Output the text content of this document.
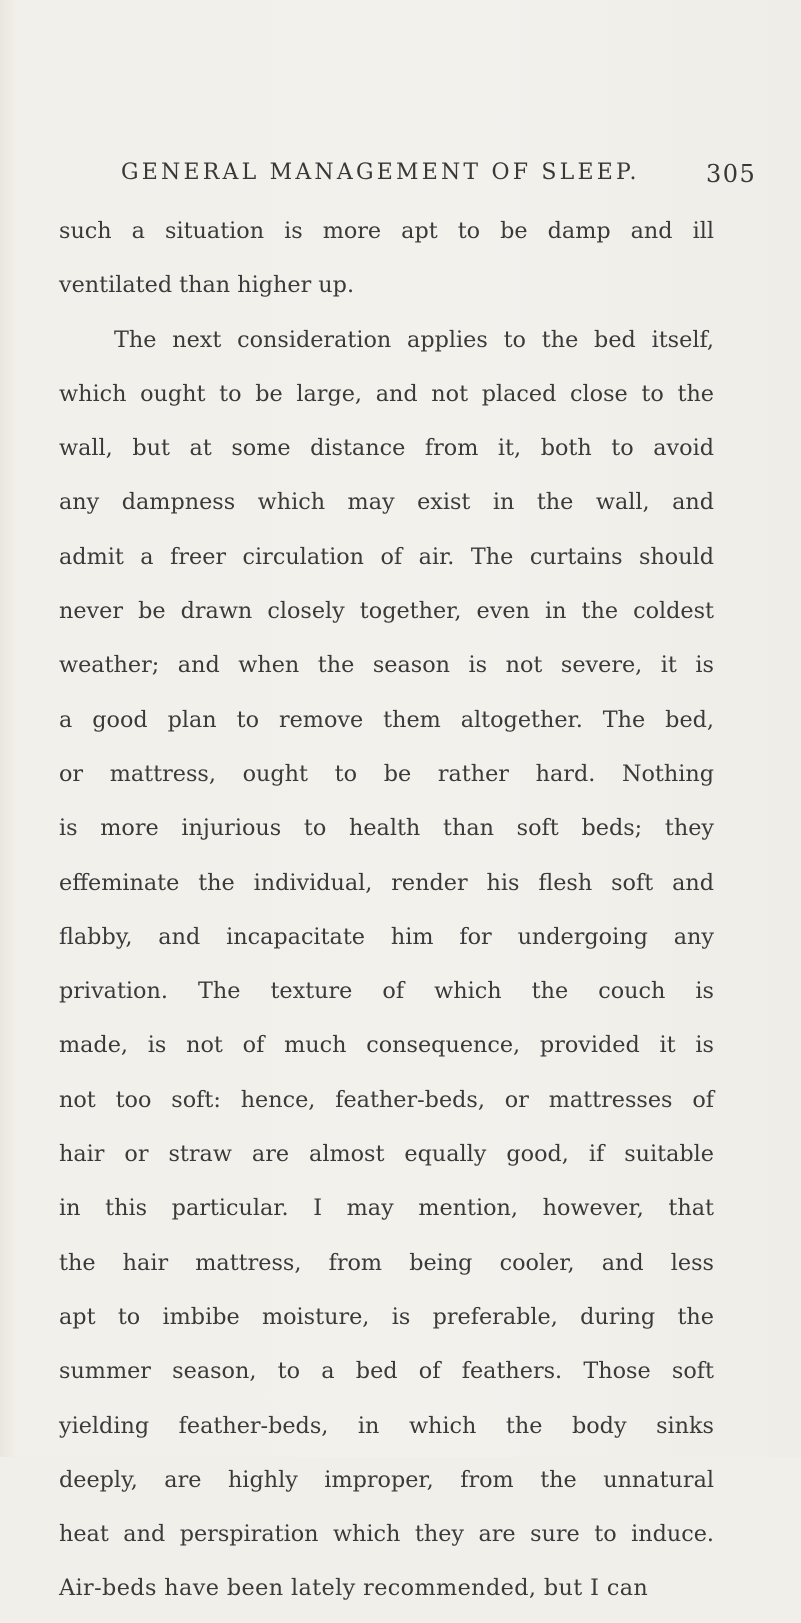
GENERAL MANAGEMENT OF SLEEP.	305
such a situation is more apt to be damp and ill
ventilated than higher up.
The next consideration applies to the bed itself,
which ought to be large, and not placed close to the
wall, but at some distance from it, both to avoid
any dampness which may exist in the wall, and
admit a freer circulation of air. The curtains should
never be drawn closely together, even in the coldest
weather; and when the season is not severe, it is
a good plan to remove them altogether. The bed,
or mattress, ought to be rather hard. Nothing
is more injurious to health than soft beds; they
effeminate the individual, render his flesh soft and
flabby, and incapacitate him for undergoing any
privation. The texture of which the couch is
made, is not of much consequence, provided it is
not too soft: hence, feather-beds, or mattresses of
hair or straw are almost equally good, if suitable
in this particular. I may mention, however, that
the hair mattress, from being cooler, and less
apt to imbibe moisture, is preferable, during the
summer season, to a bed of feathers. Those soft
yielding feather-beds, in which the body sinks
deeply, are highly improper, from the unnatural
heat and perspiration which they are sure to induce.
Air-beds have been lately recommended, but I can
